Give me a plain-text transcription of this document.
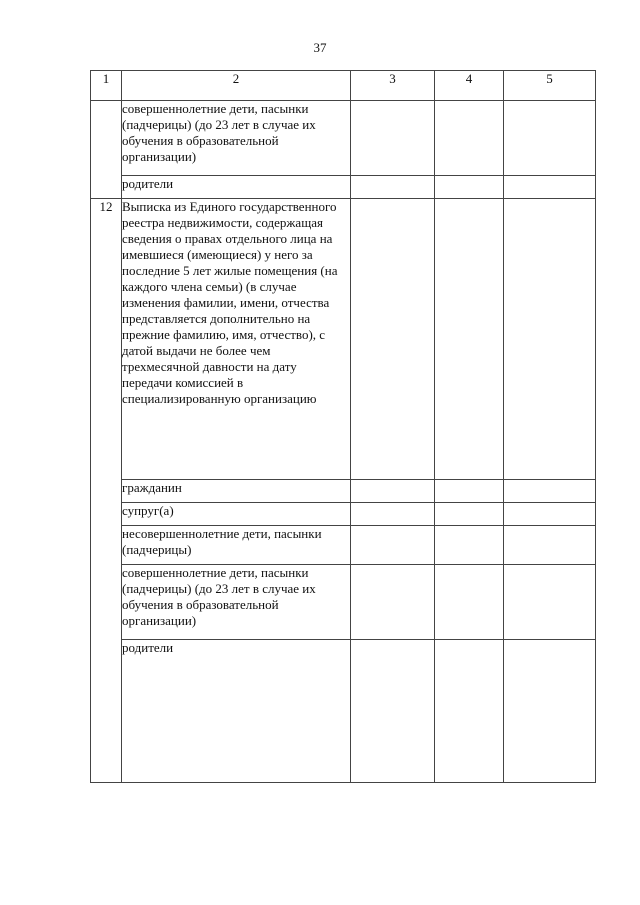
37
1	2	3	4	5
	совершеннолетние дети, пасынки (падчерицы) (до 23 лет в случае их обучения в образовательной организации)			
	родители			
12	Выписка из Единого государственного реестра недвижимости, содержащая сведения о правах отдельного лица на имевшиеся (имеющиеся) у него за последние 5 лет жилые помещения (на каждого члена семьи) (в случае изменения фамилии, имени, отчества представляется дополнительно на прежние фамилию, имя, отчество), с датой выдачи не более чем трехмесячной давности на дату передачи комиссией в специализированную организацию			
	гражданин			
	супруг(а)			
	несовершеннолетние дети, пасынки (падчерицы)			
	совершеннолетние дети, пасынки (падчерицы) (до 23 лет в случае их обучения в образовательной организации)			
	родители			
